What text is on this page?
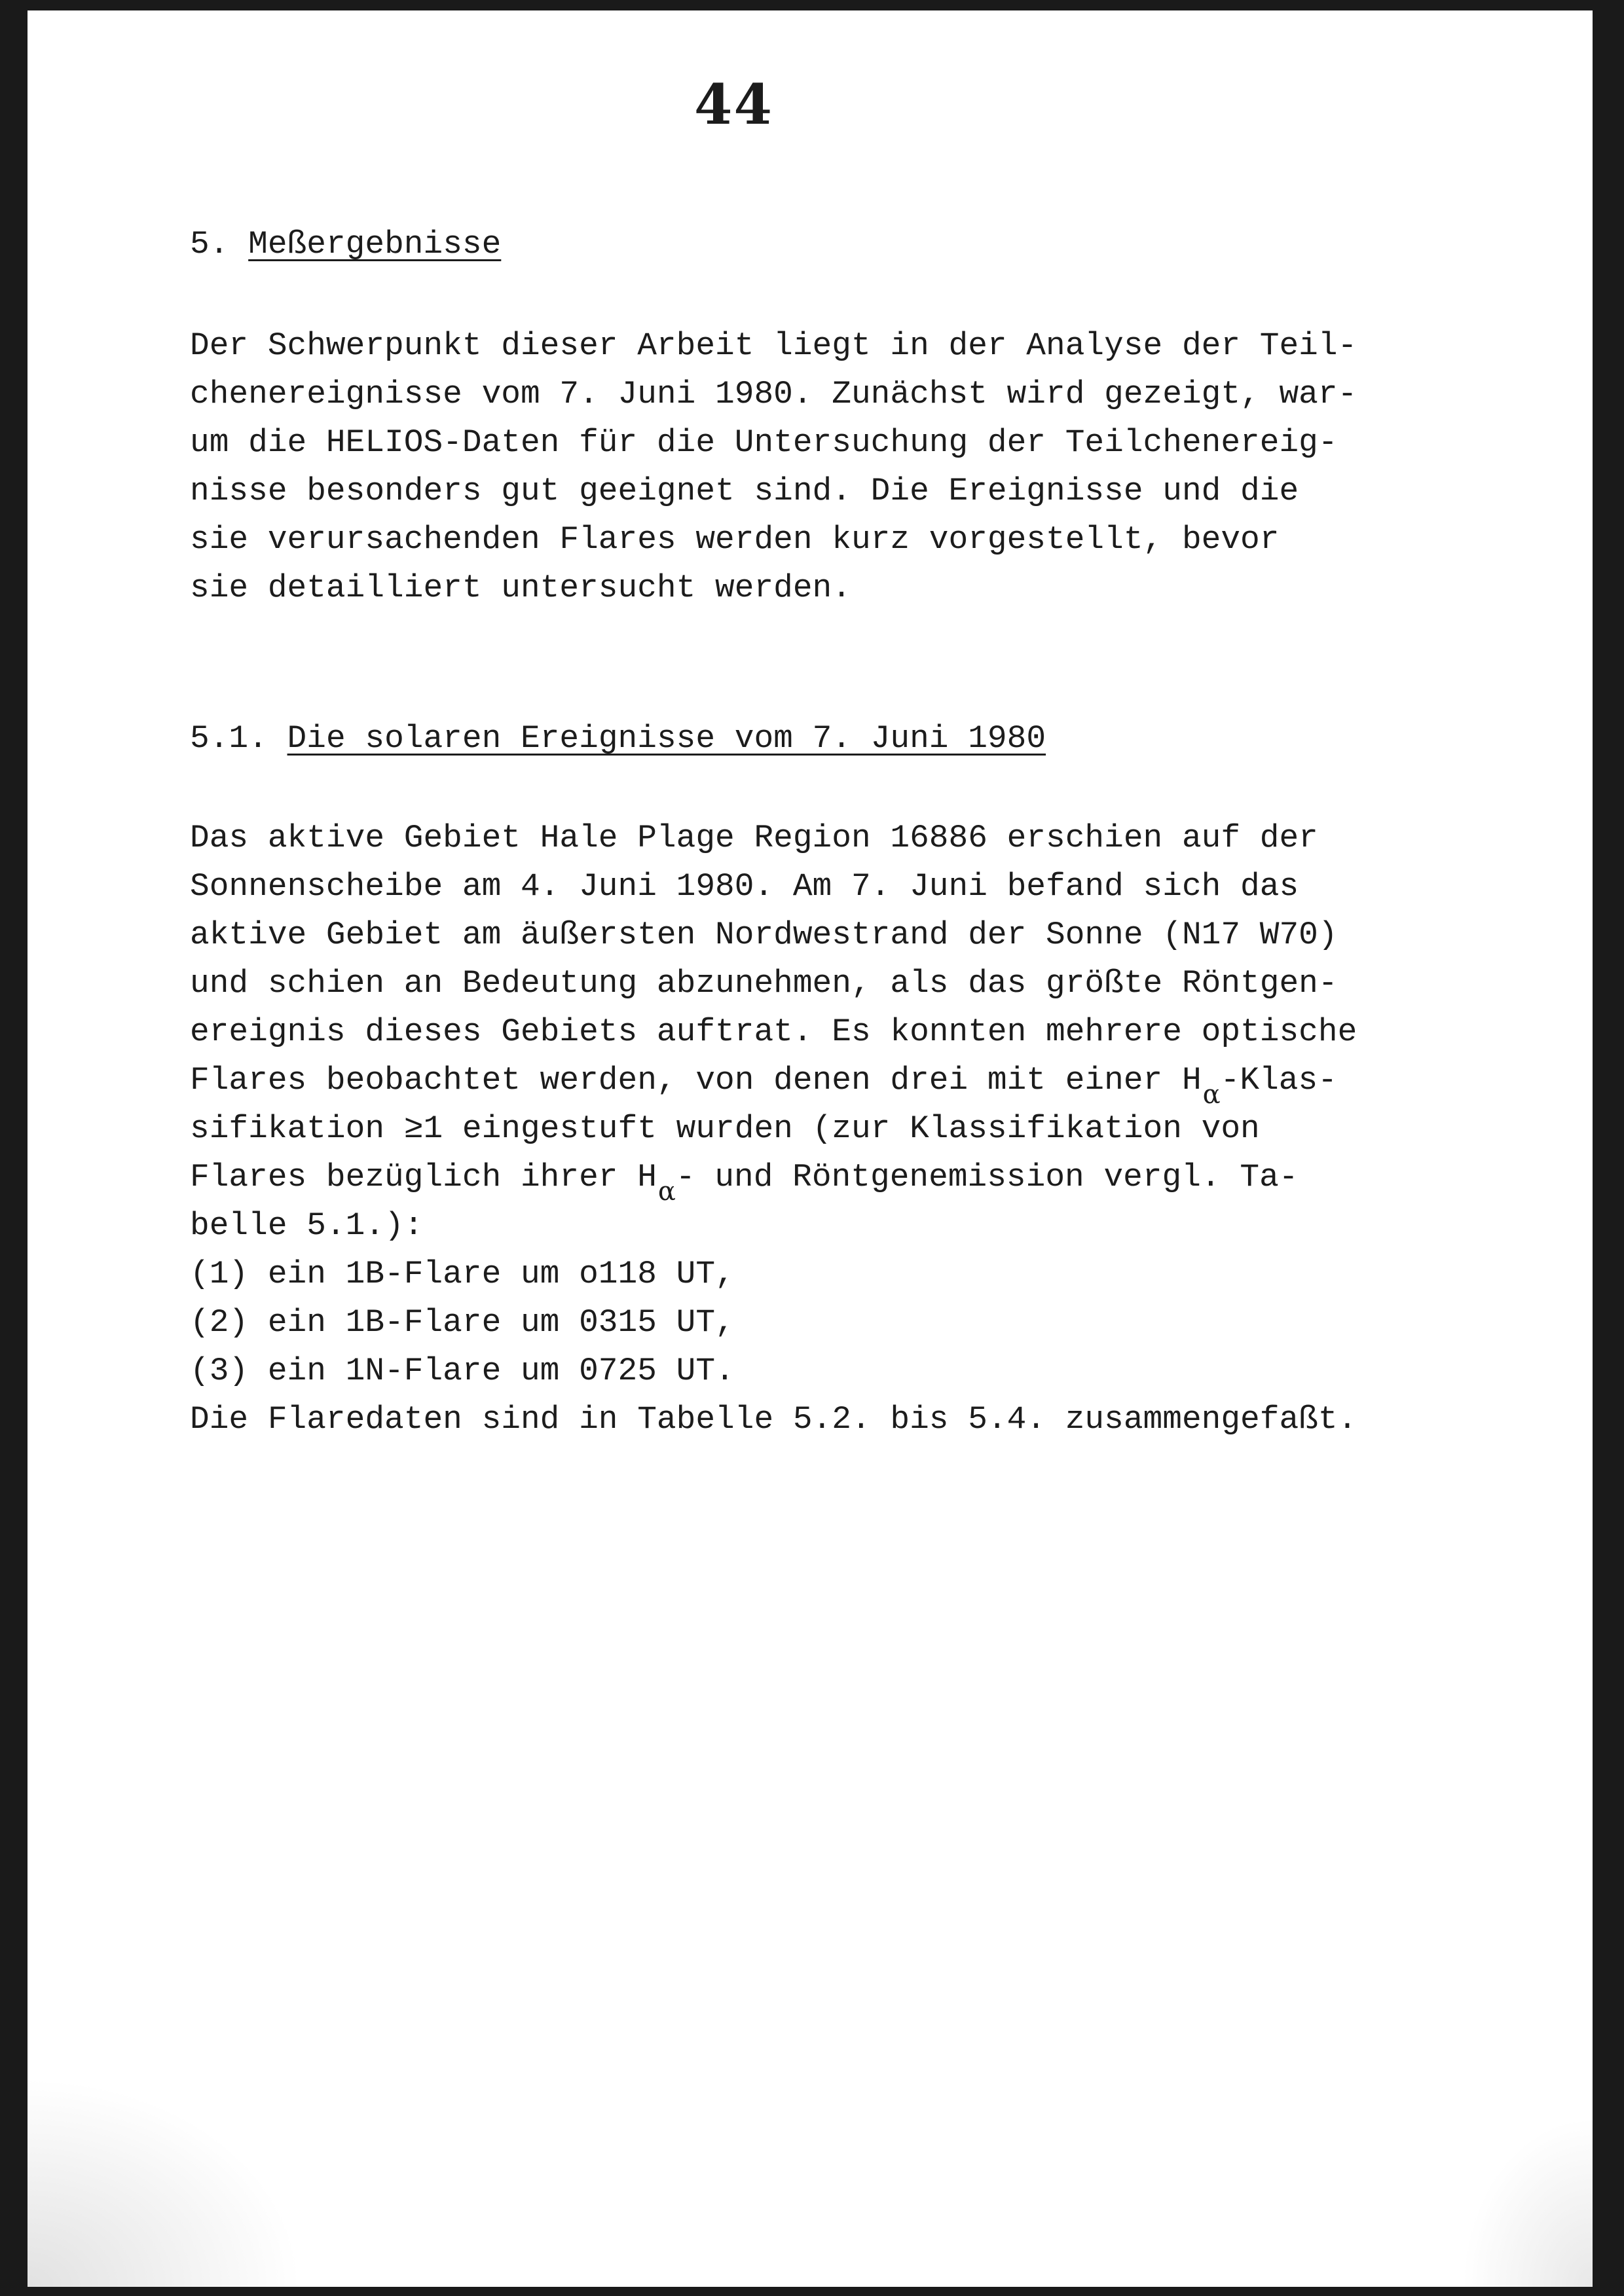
44
5. Meßergebnisse
Der Schwerpunkt dieser Arbeit liegt in der Analyse der Teil-
chenereignisse vom 7. Juni 1980. Zunächst wird gezeigt, war-
um die HELIOS-Daten für die Untersuchung der Teilchenereig-
nisse besonders gut geeignet sind. Die Ereignisse und die
sie verursachenden Flares werden kurz vorgestellt, bevor
sie detailliert untersucht werden.
5.1. Die solaren Ereignisse vom 7. Juni 1980
Das aktive Gebiet Hale Plage Region 16886 erschien auf der
Sonnenscheibe am 4. Juni 1980. Am 7. Juni befand sich das
aktive Gebiet am äußersten Nordwestrand der Sonne (N17 W70)
und schien an Bedeutung abzunehmen, als das größte Röntgen-
ereignis dieses Gebiets auftrat. Es konnten mehrere optische
Flares beobachtet werden, von denen drei mit einer $H_\alpha-Klas-$
sifikation ≥1 eingestuft wurden (zur Klassifikation von
Flares bezüglich ihrer $H_\alpha-$ und Röntgenemission vergl. Ta-
belle 5.1.):
(1) ein 1B-Flare um o118 UT,
(2) ein 1B-Flare um 0315 UT,
(3) ein 1N-Flare um 0725 UT.
Die Flaredaten sind in Tabelle 5.2. bis 5.4. zusammengefaßt.
